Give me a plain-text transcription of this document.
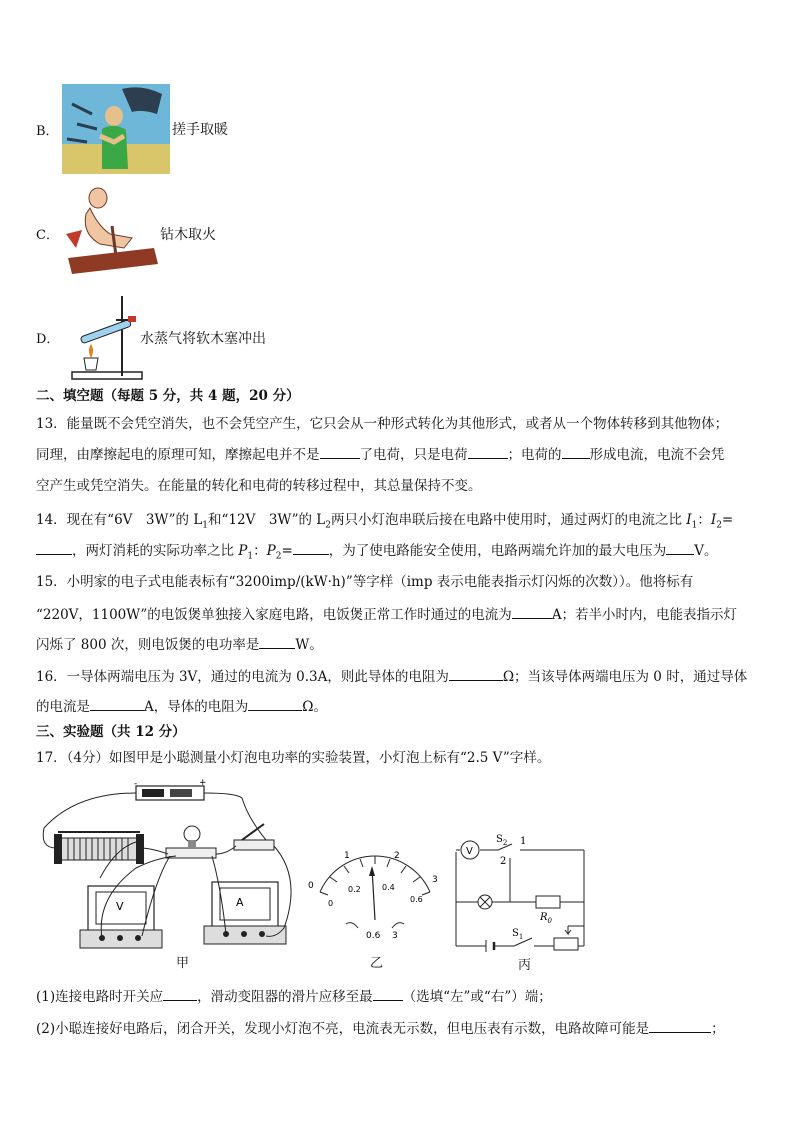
B．	搓手取暖
C．	钻木取火
D．	水蒸气将软木塞冲出
二、填空题（每题 5 分，共 4 题，20 分）
13．能量既不会凭空消失，也不会凭空产生，它只会从一种形式转化为其他形式，或者从一个物体转移到其他物体；
同理，由摩擦起电的原理可知，摩擦起电并不是	了电荷，只是电荷	；电荷的 形成电流，电流不会凭
空产生或凭空消失。在能量的转化和电荷的转移过程中，其总量保持不变。
14．现在有“6V　3W”的 $L_1$和“12V　3W”的 $L_2$两只小灯泡串联后接在电路中使用时，通过两灯的电流之比 $I_1$：$I_2=$
，两灯消耗的实际功率之比 $P_1$：$P_2=$	，为了使电路能安全使用，电路两端允许加的最大电压为 V。
15．小明家的电子式电能表标有“3200imp/(kW·h)”等字样（imp 表示电能表指示灯闪烁的次数））。他将标有
“220V，1100W”的电饭煲单独接入家庭电路，电饭煲正常工作时通过的电流为	A；若半小时内，电能表指示灯
闪烁了 800 次，则电饭煲的电功率是	W。
16．一导体两端电压为 3V，通过的电流为 0.3A，则此导体的电阻为	Ω；当该导体两端电压为 0 时，通过导体
的电流是	A，导体的电阻为	Ω。
三、实验题（共 12 分）
17．（4分）如图甲是小聪测量小灯泡电功率的实验装置，小灯泡上标有“2.5 V”字样。
-	+
V	A
甲
0
1	2
3
0
0.2	0.4
0.6
0.6 3
乙
V
$S_2$ 1
2
$S_1$
$R_0$
丙
(1)连接电路时开关应	，滑动变阻器的滑片应移至最 （选填“左”或“右”）端；
(2)小聪连接好电路后，闭合开关，发现小灯泡不亮，电流表无示数，但电压表有示数，电路故障可能是	；
